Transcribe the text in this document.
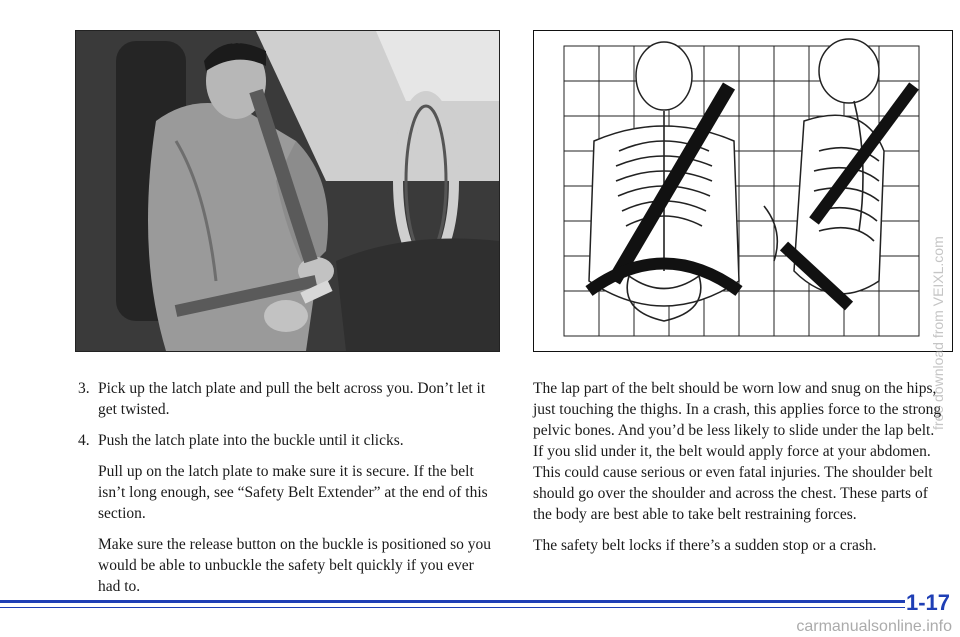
3. Pick up the latch plate and pull the belt across you. Don’t let it get twisted.
4. Push the latch plate into the buckle until it clicks.

Pull up on the latch plate to make sure it is secure. If the belt isn’t long enough, see “Safety Belt Extender” at the end of this section.

Make sure the release button on the buckle is positioned so you would be able to unbuckle the safety belt quickly if you ever had to.

The lap part of the belt should be worn low and snug on the hips, just touching the thighs. In a crash, this applies force to the strong pelvic bones. And you’d be less likely to slide under the lap belt. If you slid under it, the belt would apply force at your abdomen. This could cause serious or even fatal injuries. The shoulder belt should go over the shoulder and across the chest. These parts of the body are best able to take belt restraining forces.

The safety belt locks if there’s a sudden stop or a crash.

1-17
free download from VEIXL.com
carmanualsonline.info
